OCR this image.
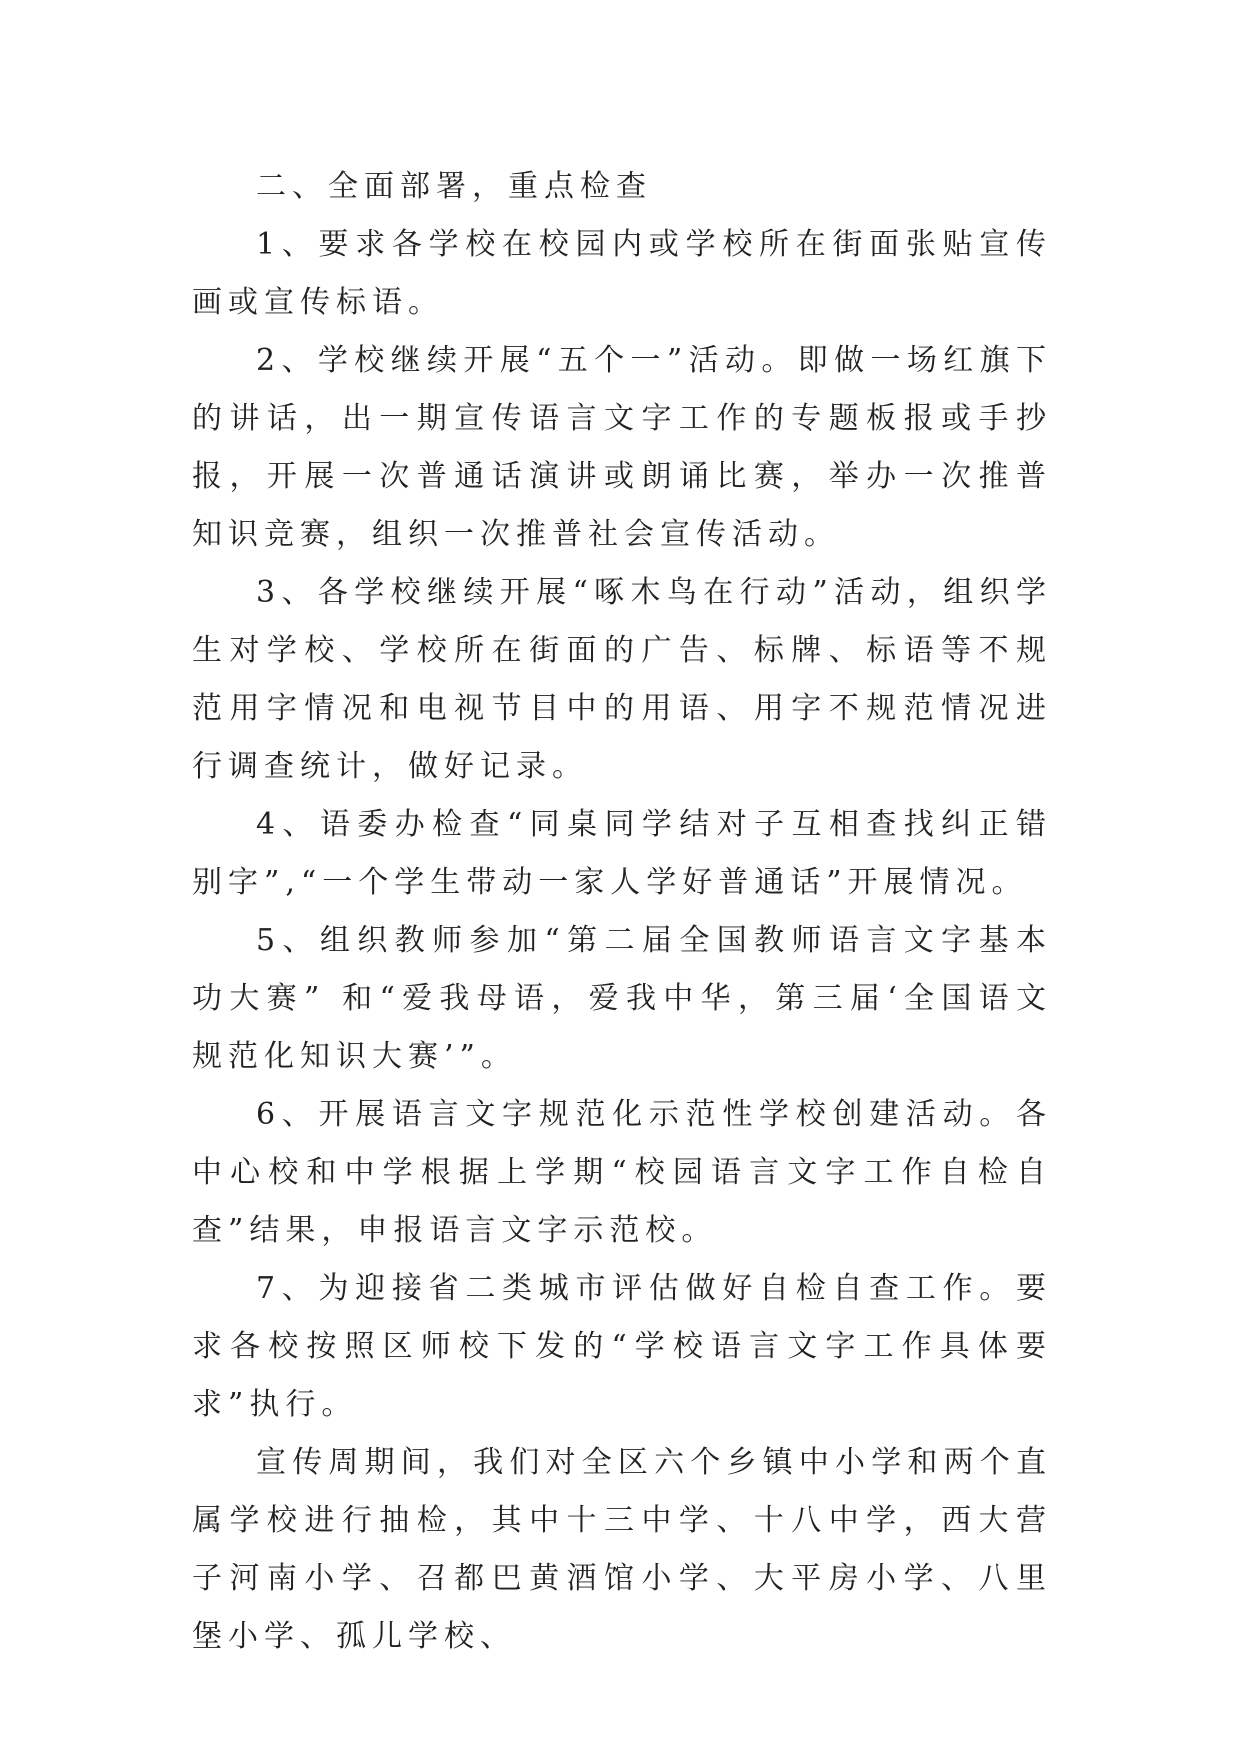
二、全面部署，重点检查

1、要求各学校在校园内或学校所在街面张贴宣传画或宣传标语。

2、学校继续开展“五个一”活动。即做一场红旗下的讲话，出一期宣传语言文字工作的专题板报或手抄报，开展一次普通话演讲或朗诵比赛，举办一次推普知识竞赛，组织一次推普社会宣传活动。

3、各学校继续开展“啄木鸟在行动”活动，组织学生对学校、学校所在街面的广告、标牌、标语等不规范用字情况和电视节目中的用语、用字不规范情况进行调查统计，做好记录。

4、语委办检查“同桌同学结对子互相查找纠正错别字”,“一个学生带动一家人学好普通话”开展情况。

5、组织教师参加“第二届全国教师语言文字基本功大赛” 和“爱我母语，爱我中华，第三届‘全国语文规范化知识大赛’”。

6、开展语言文字规范化示范性学校创建活动。各中心校和中学根据上学期“校园语言文字工作自检自查”结果，申报语言文字示范校。

7、为迎接省二类城市评估做好自检自查工作。要求各校按照区师校下发的“学校语言文字工作具体要求”执行。

宣传周期间，我们对全区六个乡镇中小学和两个直属学校进行抽检，其中十三中学、十八中学，西大营子河南小学、召都巴黄酒馆小学、大平房小学、八里堡小学、孤儿学校、
